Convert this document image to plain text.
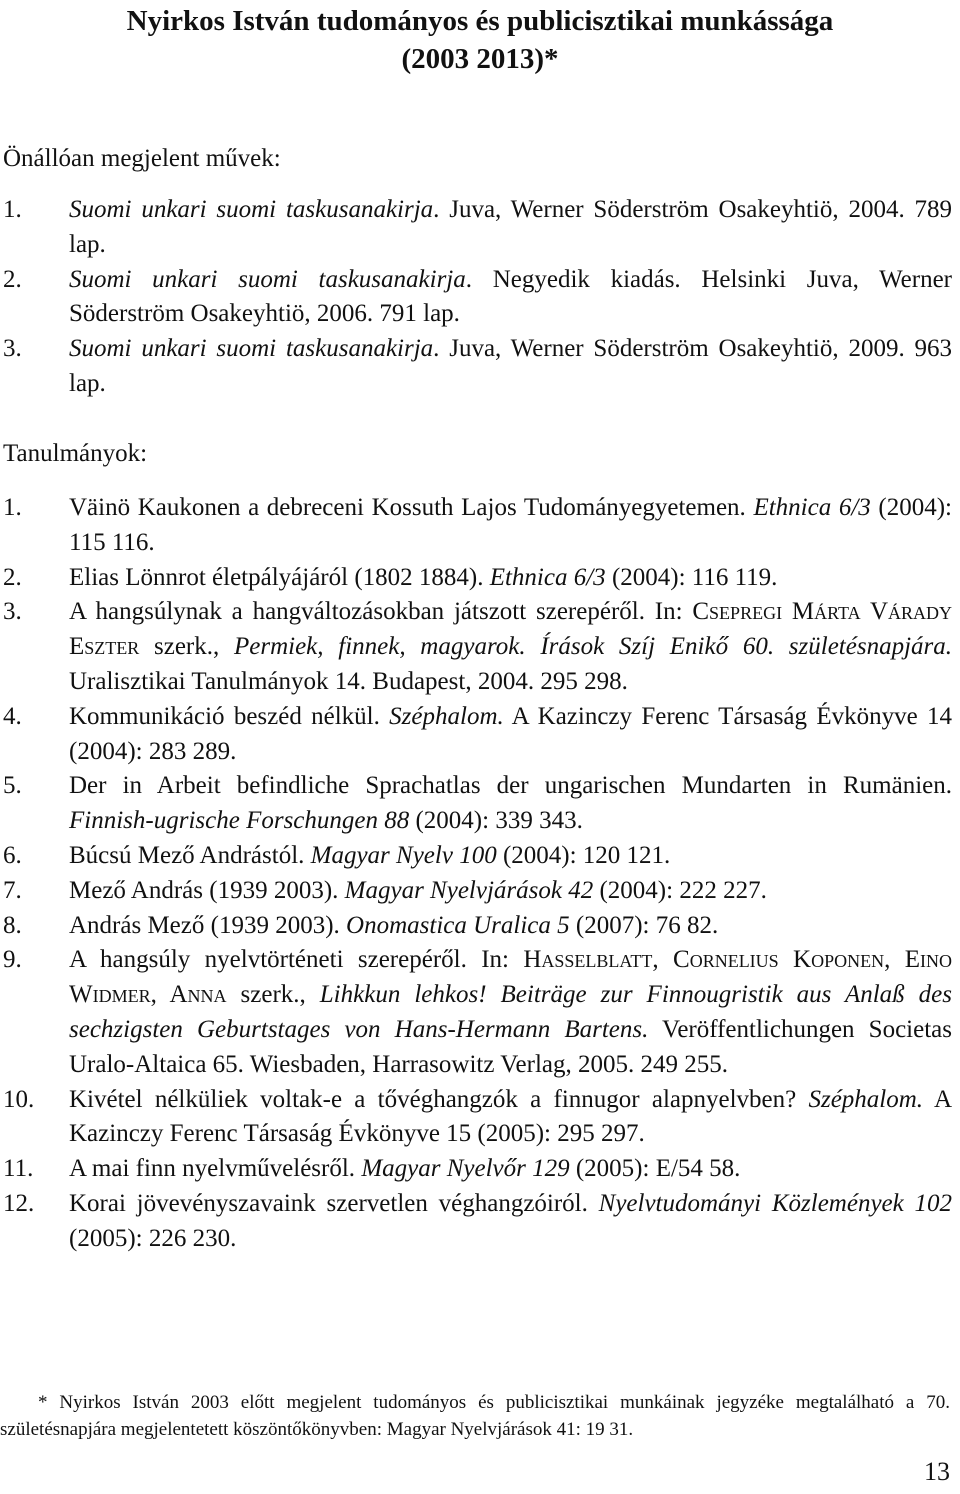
Nyirkos István tudományos és publicisztikai munkássága
(2003 2013)*

Önállóan megjelent művek:

1. Suomi unkari suomi taskusanakirja. Juva, Werner Söderström Osakeyhtiö, 2004. 789 lap.
2. Suomi unkari suomi taskusanakirja. Negyedik kiadás. Helsinki Juva, Werner Söderström Osakeyhtiö, 2006. 791 lap.
3. Suomi unkari suomi taskusanakirja. Juva, Werner Söderström Osakeyhtiö, 2009. 963 lap.

Tanulmányok:

1. Väinö Kaukonen a debreceni Kossuth Lajos Tudományegyetemen. Ethnica 6/3 (2004): 115 116.
2. Elias Lönnrot életpályájáról (1802 1884). Ethnica 6/3 (2004): 116 119.
3. A hangsúlynak a hangváltozásokban játszott szerepéről. In: Csepregi Márta Várady Eszter szerk., Permiek, finnek, magyarok. Írások Szíj Enikő 60. születésnapjára. Uralisztikai Tanulmányok 14. Budapest, 2004. 295 298.
4. Kommunikáció beszéd nélkül. Széphalom. A Kazinczy Ferenc Társaság Évkönyve 14 (2004): 283 289.
5. Der in Arbeit befindliche Sprachatlas der ungarischen Mundarten in Rumänien. Finnish-ugrische Forschungen 88 (2004): 339 343.
6. Búcsú Mező Andrástól. Magyar Nyelv 100 (2004): 120 121.
7. Mező András (1939 2003). Magyar Nyelvjárások 42 (2004): 222 227.
8. András Mező (1939 2003). Onomastica Uralica 5 (2007): 76 82.
9. A hangsúly nyelvtörténeti szerepéről. In: Hasselblatt, Cornelius Koponen, Eino Widmer, Anna szerk., Lihkkun lehkos! Beiträge zur Finnougristik aus Anlaß des sechzigsten Geburtstages von Hans-Hermann Bartens. Veröffentlichungen Societas Uralo-Altaica 65. Wiesbaden, Harrasowitz Verlag, 2005. 249 255.
10. Kivétel nélküliek voltak-e a tővéghangzók a finnugor alapnyelvben? Széphalom. A Kazinczy Ferenc Társaság Évkönyve 15 (2005): 295 297.
11. A mai finn nyelvművelésről. Magyar Nyelvőr 129 (2005): E/54 58.
12. Korai jövevényszavaink szervetlen véghangzóiról. Nyelvtudományi Közlemények 102 (2005): 226 230.
* Nyirkos István 2003 előtt megjelent tudományos és publicisztikai munkáinak jegyzéke megtalálható a 70. születésnapjára megjelentetett köszöntőkönyvben: Magyar Nyelvjárások 41: 19 31.
13
